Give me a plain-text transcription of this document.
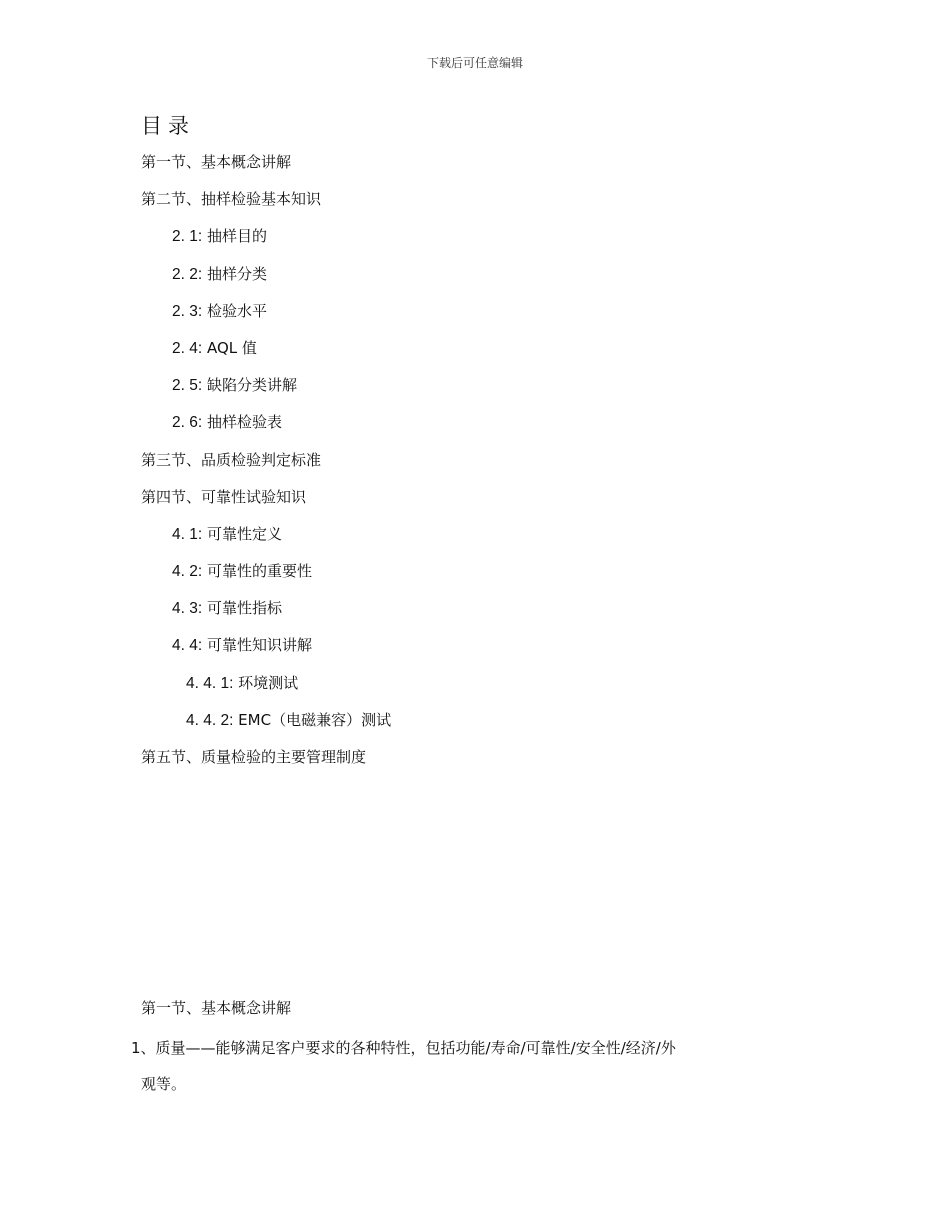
下载后可任意编辑
目录
第一节、基本概念讲解
第二节、抽样检验基本知识
2. 1: 抽样目的
2. 2: 抽样分类
2. 3: 检验水平
2. 4: AQL 值
2. 5: 缺陷分类讲解
2. 6: 抽样检验表
第三节、品质检验判定标准
第四节、可靠性试验知识
4. 1: 可靠性定义
4. 2: 可靠性的重要性
4. 3: 可靠性指标
4. 4: 可靠性知识讲解
4. 4. 1: 环境测试
4. 4. 2: EMC（电磁兼容）测试
第五节、质量检验的主要管理制度

第一节、基本概念讲解

1、质量——能够满足客户要求的各种特性，包括功能/寿命/可靠性/安全性/经济/外
观等。
